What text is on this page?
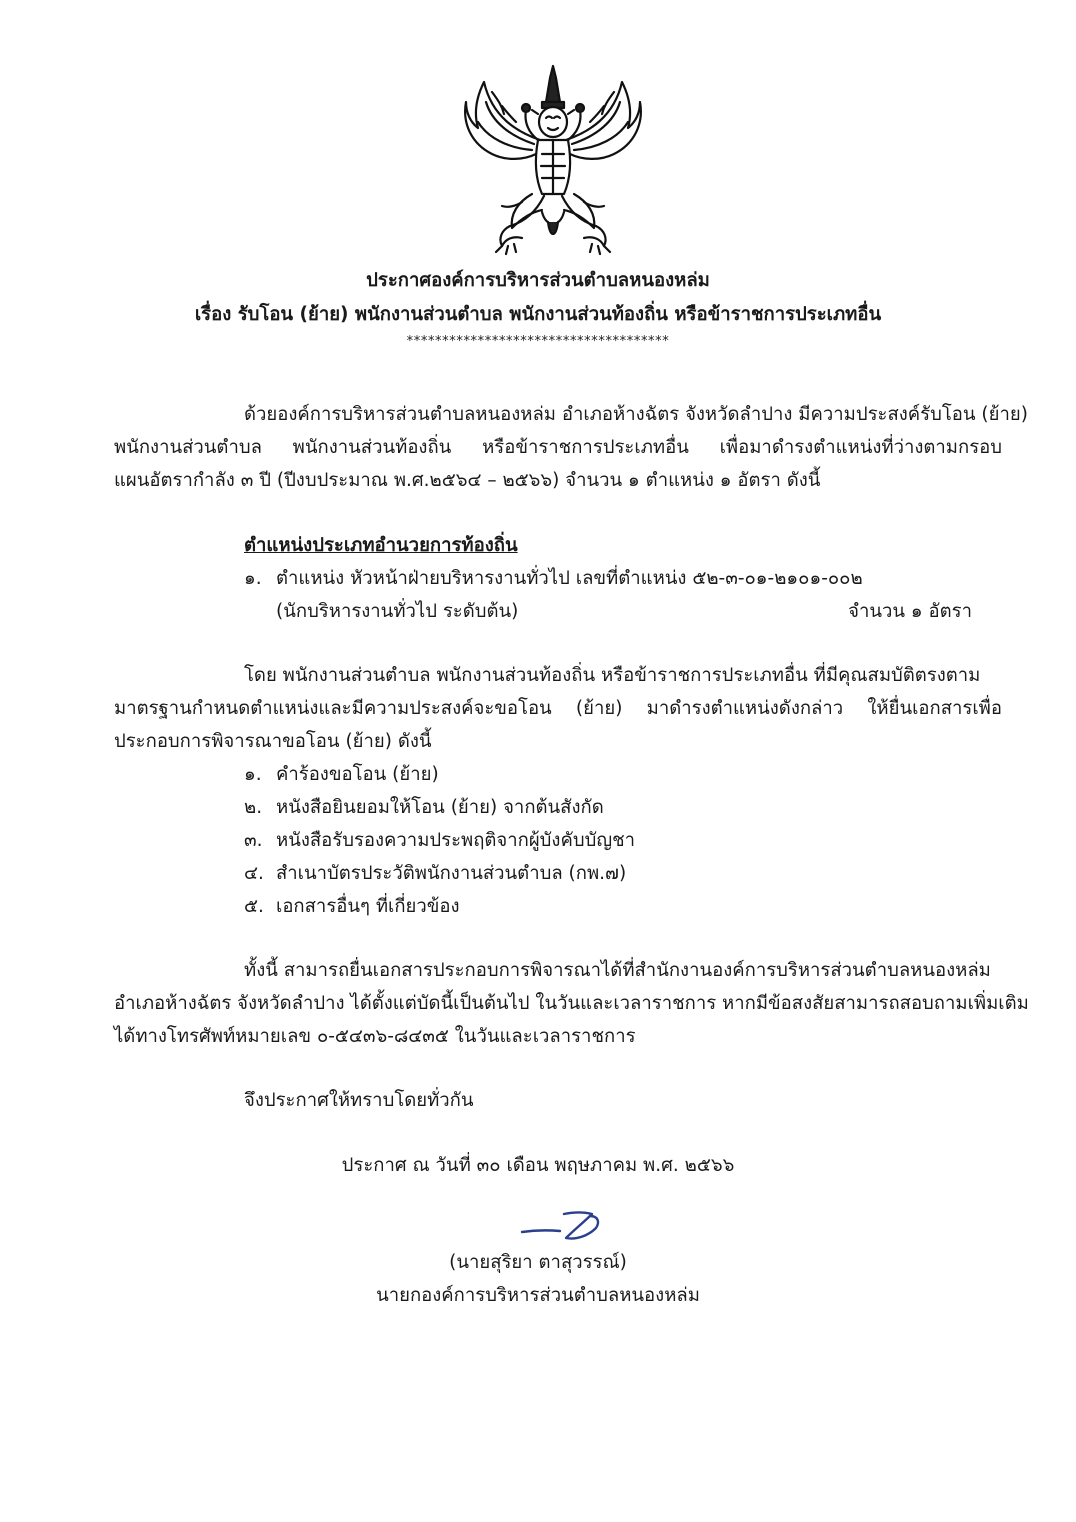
ประกาศองค์การบริหารส่วนตำบลหนองหล่ม
เรื่อง รับโอน (ย้าย) พนักงานส่วนตำบล พนักงานส่วนท้องถิ่น หรือข้าราชการประเภทอื่น
*************************************
ด้วยองค์การบริหารส่วนตำบลหนองหล่ม อำเภอห้างฉัตร จังหวัดลำปาง มีความประสงค์รับโอน (ย้าย)
พนักงานส่วนตำบล พนักงานส่วนท้องถิ่น หรือข้าราชการประเภทอื่น เพื่อมาดำรงตำแหน่งที่ว่างตามกรอบ
แผนอัตรากำลัง ๓ ปี (ปีงบประมาณ พ.ศ.๒๕๖๔ – ๒๕๖๖) จำนวน ๑ ตำแหน่ง ๑ อัตรา ดังนี้
ตำแหน่งประเภทอำนวยการท้องถิ่น
๑. ตำแหน่ง หัวหน้าฝ่ายบริหารงานทั่วไป เลขที่ตำแหน่ง ๕๒-๓-๐๑-๒๑๐๑-๐๐๒
(นักบริหารงานทั่วไป ระดับต้น)	จำนวน ๑ อัตรา
โดย พนักงานส่วนตำบล พนักงานส่วนท้องถิ่น หรือข้าราชการประเภทอื่น ที่มีคุณสมบัติตรงตาม
มาตรฐานกำหนดตำแหน่งและมีความประสงค์จะขอโอน (ย้าย) มาดำรงตำแหน่งดังกล่าว ให้ยื่นเอกสารเพื่อ
ประกอบการพิจารณาขอโอน (ย้าย) ดังนี้
๑. คำร้องขอโอน (ย้าย)
๒. หนังสือยินยอมให้โอน (ย้าย) จากต้นสังกัด
๓. หนังสือรับรองความประพฤติจากผู้บังคับบัญชา
๔. สำเนาบัตรประวัติพนักงานส่วนตำบล (กพ.๗)
๕. เอกสารอื่นๆ ที่เกี่ยวข้อง
ทั้งนี้ สามารถยื่นเอกสารประกอบการพิจารณาได้ที่สำนักงานองค์การบริหารส่วนตำบลหนองหล่ม
อำเภอห้างฉัตร จังหวัดลำปาง ได้ตั้งแต่บัดนี้เป็นต้นไป ในวันและเวลาราชการ หากมีข้อสงสัยสามารถสอบถามเพิ่มเติม
ได้ทางโทรศัพท์หมายเลข ๐-๕๔๓๖-๘๔๓๕ ในวันและเวลาราชการ
จึงประกาศให้ทราบโดยทั่วกัน
ประกาศ ณ วันที่ ๓๐ เดือน พฤษภาคม พ.ศ. ๒๕๖๖
(นายสุริยา ตาสุวรรณ์)
นายกองค์การบริหารส่วนตำบลหนองหล่ม
